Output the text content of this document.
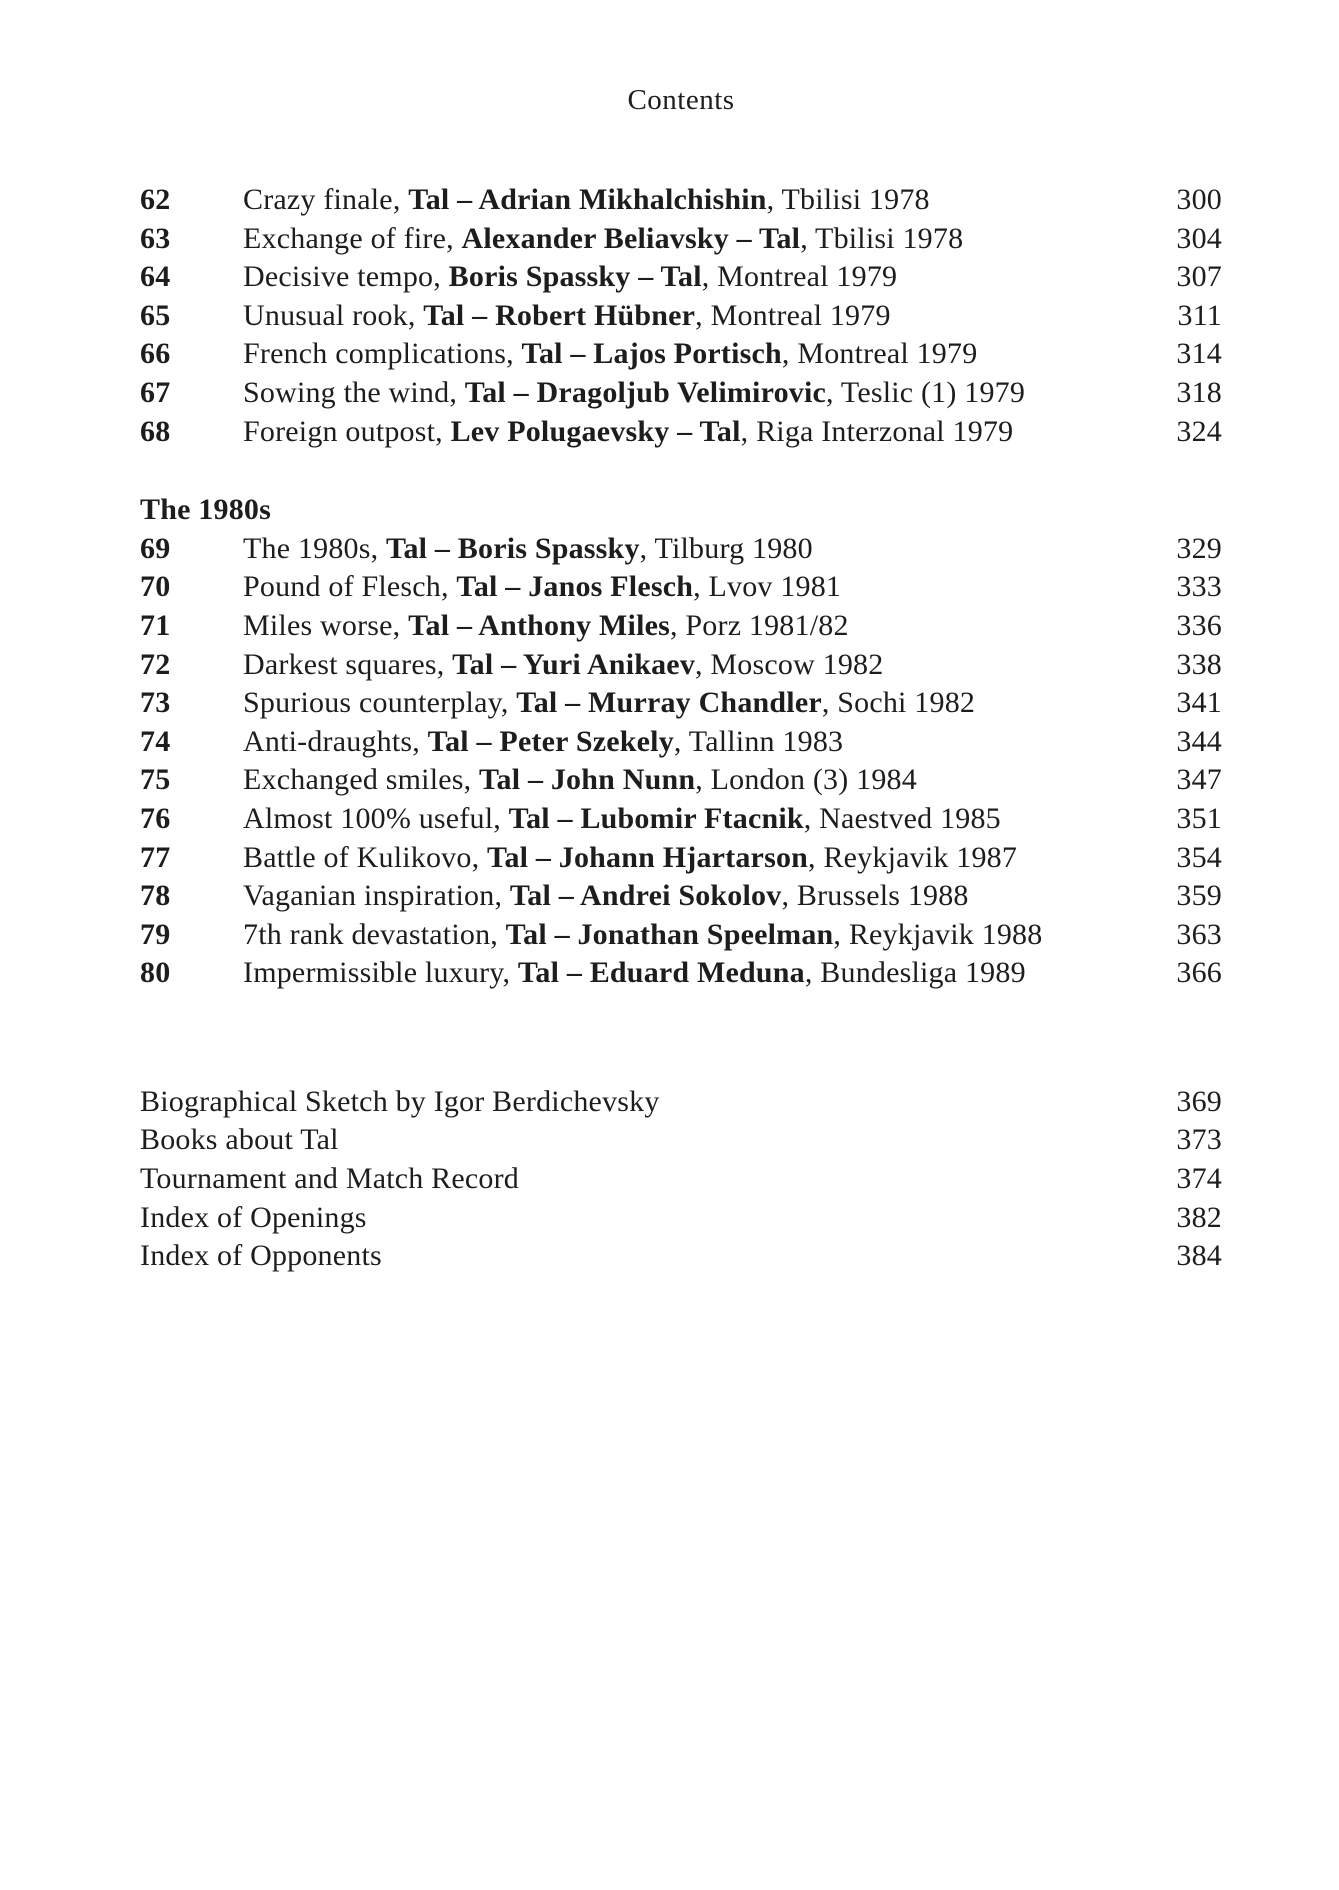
Contents
62	Crazy finale, Tal – Adrian Mikhalchishin, Tbilisi 1978	300
63	Exchange of fire, Alexander Beliavsky – Tal, Tbilisi 1978	304
64	Decisive tempo, Boris Spassky – Tal, Montreal 1979	307
65	Unusual rook, Tal – Robert Hübner, Montreal 1979	311
66	French complications, Tal – Lajos Portisch, Montreal 1979	314
67	Sowing the wind, Tal – Dragoljub Velimirovic, Teslic (1) 1979	318
68	Foreign outpost, Lev Polugaevsky – Tal, Riga Interzonal 1979	324
The 1980s
69	The 1980s, Tal – Boris Spassky, Tilburg 1980	329
70	Pound of Flesch, Tal – Janos Flesch, Lvov 1981	333
71	Miles worse, Tal – Anthony Miles, Porz 1981/82	336
72	Darkest squares, Tal – Yuri Anikaev, Moscow 1982	338
73	Spurious counterplay, Tal – Murray Chandler, Sochi 1982	341
74	Anti-draughts, Tal – Peter Szekely, Tallinn 1983	344
75	Exchanged smiles, Tal – John Nunn, London (3) 1984	347
76	Almost 100% useful, Tal – Lubomir Ftacnik, Naestved 1985	351
77	Battle of Kulikovo, Tal – Johann Hjartarson, Reykjavik 1987	354
78	Vaganian inspiration, Tal – Andrei Sokolov, Brussels 1988	359
79	7th rank devastation, Tal – Jonathan Speelman, Reykjavik 1988	363
80	Impermissible luxury, Tal – Eduard Meduna, Bundesliga 1989	366
Biographical Sketch by Igor Berdichevsky	369
Books about Tal	373
Tournament and Match Record	374
Index of Openings	382
Index of Opponents	384
